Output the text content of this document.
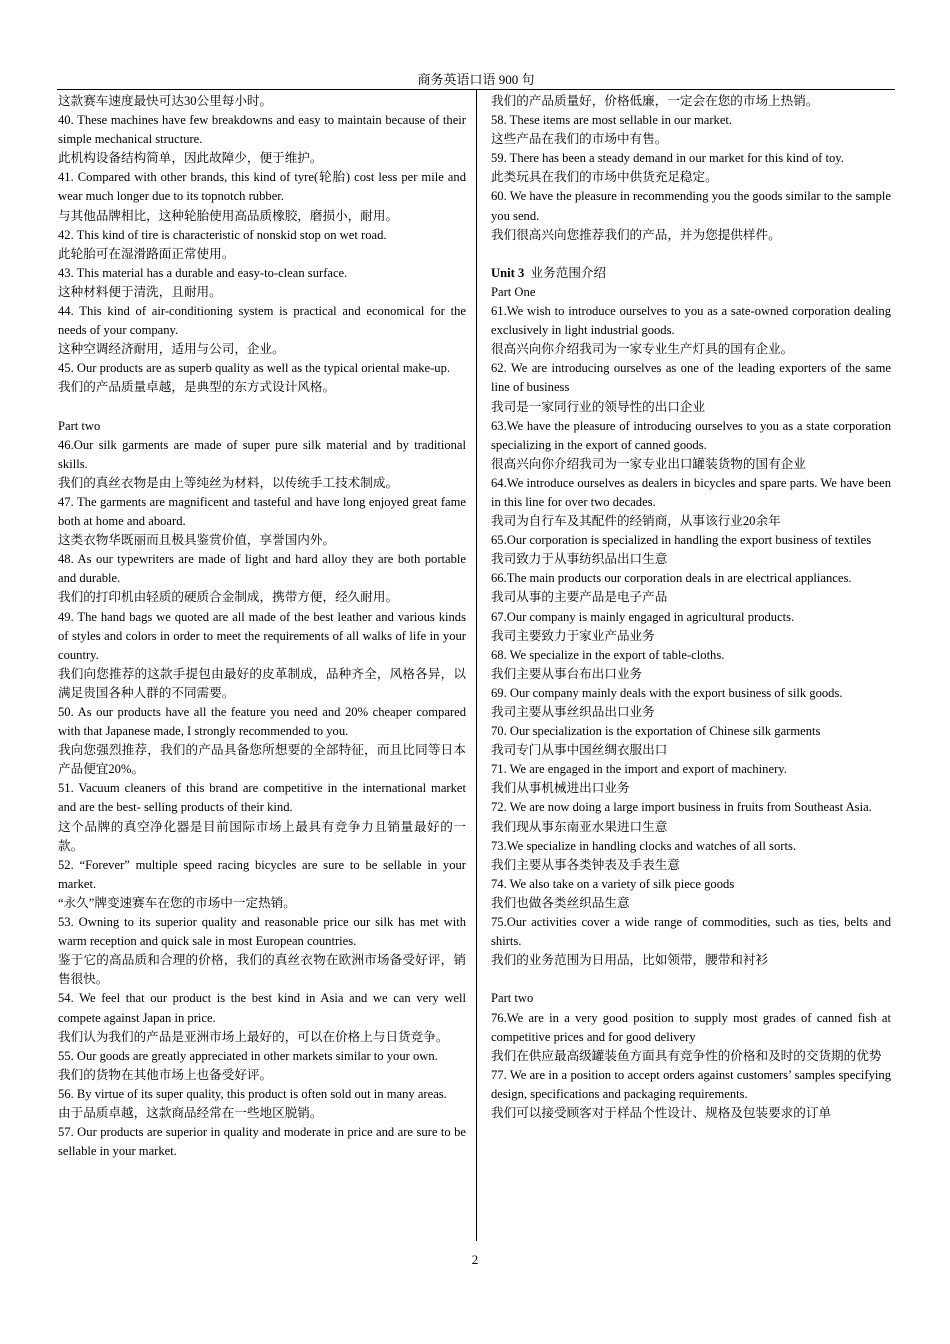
商务英语口语 900 句

这款赛车速度最快可达30公里每小时。

40. These machines have few breakdowns and easy to maintain because of their simple mechanical structure.

此机构设备结构简单，因此故障少，便于维护。

41. Compared with other brands, this kind of tyre(轮胎) cost less per mile and wear much longer due to its topnotch rubber.

与其他品牌相比，这种轮胎使用高品质橡胶，磨损小，耐用。

42. This kind of tire is characteristic of nonskid stop on wet road.

此轮胎可在湿滑路面正常使用。

43. This material has a durable and easy-to-clean surface.

这种材料便于清洗，且耐用。

44. This kind of air-conditioning system is practical and economical for the needs of your company.

这种空调经济耐用，适用与公司，企业。

45. Our products are as superb quality as well as the typical oriental make-up.

我们的产品质量卓越，是典型的东方式设计风格。

Part two

46.Our silk garments are made of super pure silk material and by traditional skills.

我们的真丝衣物是由上等纯丝为材料，以传统手工技术制成。

47. The garments are magnificent and tasteful and have long enjoyed great fame both at home and aboard.

这类衣物华既丽而且极具鉴赏价值，享誉国内外。

48. As our typewriters are made of light and hard alloy they are both portable and durable.

我们的打印机由轻质的硬质合金制成，携带方便，经久耐用。

49. The hand bags we quoted are all made of the best leather and various kinds of styles and colors in order to meet the requirements of all walks of life in your country.

我们向您推荐的这款手提包由最好的皮革制成，品种齐全，风格各异，以满足贵国各种人群的不同需要。

50. As our products have all the feature you need and 20% cheaper compared with that Japanese made, I strongly recommended to you.

我向您强烈推荐，我们的产品具备您所想要的全部特征，而且比同等日本产品便宜20%。

51. Vacuum cleaners of this brand are competitive in the international market and are the best- selling products of their kind.

这个品牌的真空净化器是目前国际市场上最具有竞争力且销量最好的一款。

52. “Forever” multiple speed racing bicycles are sure to be sellable in your market.

“永久”牌变速赛车在您的市场中一定热销。

53. Owning to its superior quality and reasonable price our silk has met with warm reception and quick sale in most European countries.

鉴于它的高品质和合理的价格，我们的真丝衣物在欧洲市场备受好评，销售很快。

54. We feel that our product is the best kind in Asia and we can very well compete against Japan in price.

我们认为我们的产品是亚洲市场上最好的，可以在价格上与日货竞争。

55. Our goods are greatly appreciated in other markets similar to your own.

我们的货物在其他市场上也备受好评。

56. By virtue of its super quality, this product is often sold out in many areas.

由于品质卓越，这款商品经常在一些地区脱销。

57. Our products are superior in quality and moderate in price and are sure to be sellable in your market.

我们的产品质量好，价格低廉，一定会在您的市场上热销。

58. These items are most sellable in our market.

这些产品在我们的市场中有售。

59. There has been a steady demand in our market for this kind of toy.

此类玩具在我们的市场中供货充足稳定。

60. We have the pleasure in recommending you the goods similar to the sample you send.

我们很高兴向您推荐我们的产品，并为您提供样件。

Unit 3 业务范围介绍

Part One

61.We wish to introduce ourselves to you as a sate-owned corporation dealing exclusively in light industrial goods.

很高兴向你介绍我司为一家专业生产灯具的国有企业。

62. We are introducing ourselves as one of the leading exporters of the same line of business

我司是一家同行业的领导性的出口企业

63.We have the pleasure of introducing ourselves to you as a state corporation specializing in the export of canned goods.

很高兴向你介绍我司为一家专业出口罐装货物的国有企业

64.We introduce ourselves as dealers in bicycles and spare parts. We have been in this line for over two decades.

我司为自行车及其配件的经销商，从事该行业20余年

65.Our corporation is specialized in handling the export business of textiles

我司致力于从事纺织品出口生意

66.The main products our corporation deals in are electrical appliances.

我司从事的主要产品是电子产品

67.Our company is mainly engaged in agricultural products.

我司主要致力于家业产品业务

68. We specialize in the export of table-cloths.

我们主要从事台布出口业务

69. Our company mainly deals with the export business of silk goods.

我司主要从事丝织品出口业务

70. Our specialization is the exportation of Chinese silk garments

我司专门从事中国丝绸衣服出口

71. We are engaged in the import and export of machinery.

我们从事机械进出口业务

72. We are now doing a large import business in fruits from Southeast Asia.

我们现从事东南亚水果进口生意

73.We specialize in handling clocks and watches of all sorts.

我们主要从事各类钟表及手表生意

74. We also take on a variety of silk piece goods

我们也做各类丝织品生意

75.Our activities cover a wide range of commodities, such as ties, belts and shirts.

我们的业务范围为日用品，比如领带，腰带和衬衫

Part two

76.We are in a very good position to supply most grades of canned fish at competitive prices and for good delivery

我们在供应最高级罐装鱼方面具有竞争性的价格和及时的交货期的优势

77. We are in a position to accept orders against customers’ samples specifying design, specifications and packaging requirements.

我们可以接受顾客对于样品个性设计、规格及包装要求的订单

2
